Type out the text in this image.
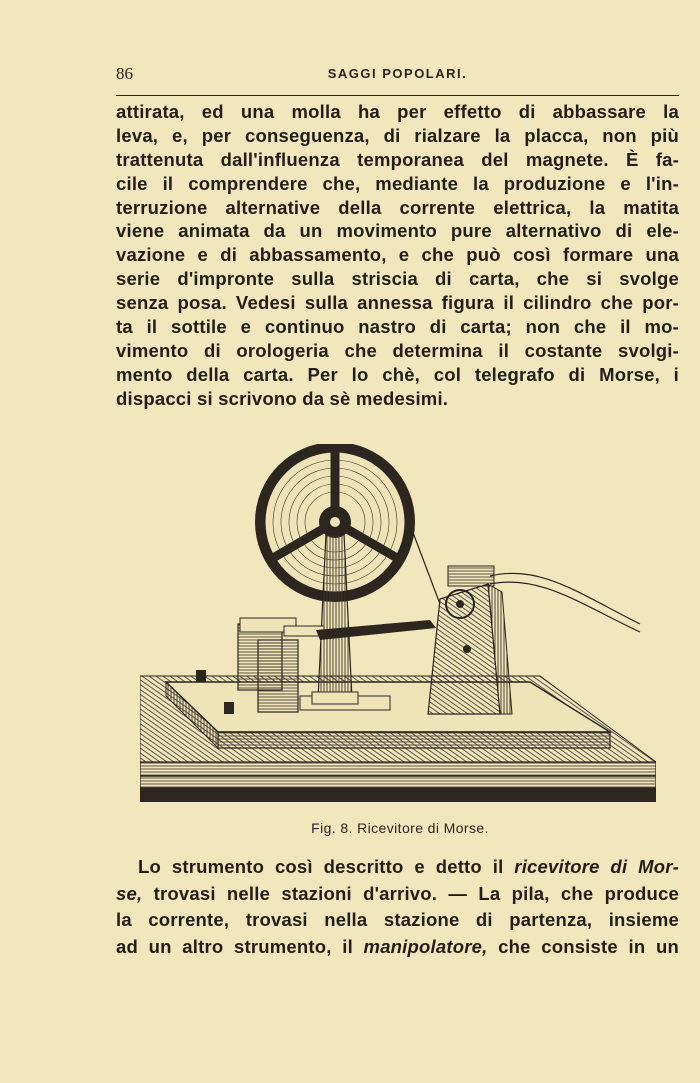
86	SAGGI POPOLARI.
attirata, ed una molla ha per effetto di abbassare la
leva, e, per conseguenza, di rialzare la placca, non più
trattenuta dall'influenza temporanea del magnete. È fa-
cile il comprendere che, mediante la produzione e l'in-
terruzione alternative della corrente elettrica, la matita
viene animata da un movimento pure alternativo di ele-
vazione e di abbassamento, e che può così formare una
serie d'impronte sulla striscia di carta, che si svolge
senza posa. Vedesi sulla annessa figura il cilindro che por-
ta il sottile e continuo nastro di carta; non che il mo-
vimento di orologeria che determina il costante svolgi-
mento della carta. Per lo chè, col telegrafo di Morse, i
dispacci si scrivono da sè medesimi.
Fig. 8. Ricevitore di Morse.
Lo strumento così descritto e detto il ricevitore di Mor-
se, trovasi nelle stazioni d'arrivo. — La pila, che produce
la corrente, trovasi nella stazione di partenza, insieme
ad un altro strumento, il manipolatore, che consiste in un
